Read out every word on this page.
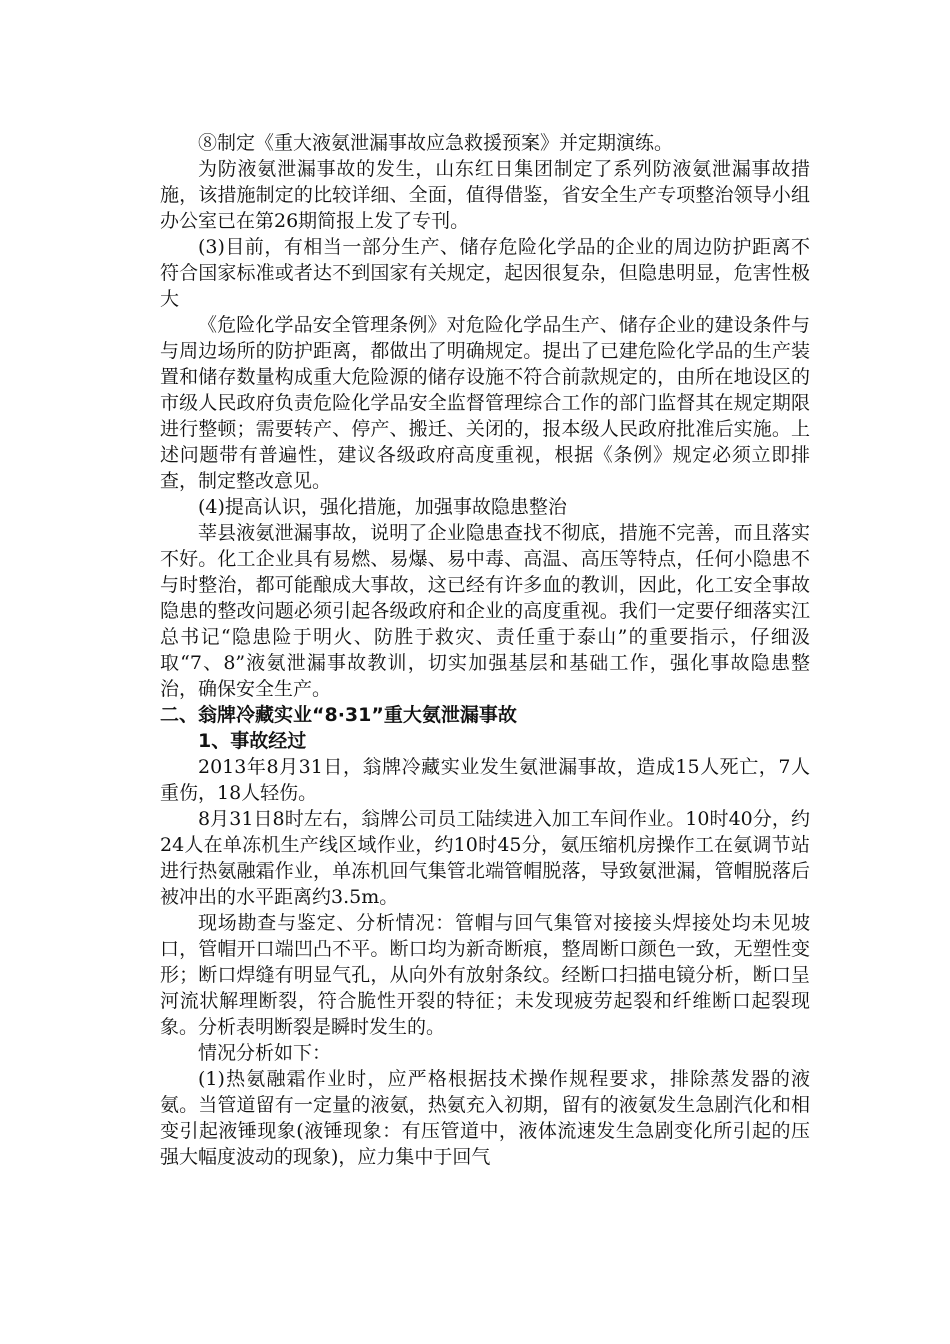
⑧制定《重大液氨泄漏事故应急救援预案》并定期演练。

为防液氨泄漏事故的发生，山东红日集团制定了系列防液氨泄漏事故措施，该措施制定的比较详细、全面，值得借鉴，省安全生产专项整治领导小组办公室已在第26期简报上发了专刊。

(3)目前，有相当一部分生产、储存危险化学品的企业的周边防护距离不符合国家标准或者达不到国家有关规定，起因很复杂，但隐患明显，危害性极大

《危险化学品安全管理条例》对危险化学品生产、储存企业的建设条件与与周边场所的防护距离，都做出了明确规定。提出了已建危险化学品的生产装置和储存数量构成重大危险源的储存设施不符合前款规定的，由所在地设区的市级人民政府负责危险化学品安全监督管理综合工作的部门监督其在规定期限进行整顿；需要转产、停产、搬迁、关闭的，报本级人民政府批准后实施。上述问题带有普遍性，建议各级政府高度重视，根据《条例》规定必须立即排查，制定整改意见。

(4)提高认识，强化措施，加强事故隐患整治

莘县液氨泄漏事故，说明了企业隐患查找不彻底，措施不完善，而且落实不好。化工企业具有易燃、易爆、易中毒、高温、高压等特点，任何小隐患不与时整治，都可能酿成大事故，这已经有许多血的教训，因此，化工安全事故隐患的整改问题必须引起各级政府和企业的高度重视。我们一定要仔细落实江总书记“隐患险于明火、防胜于救灾、责任重于泰山”的重要指示，仔细汲取“7、8”液氨泄漏事故教训，切实加强基层和基础工作，强化事故隐患整治，确保安全生产。

二、翁牌冷藏实业“8·31”重大氨泄漏事故

1、事故经过

2013年8月31日，翁牌冷藏实业发生氨泄漏事故，造成15人死亡，7人重伤，18人轻伤。

8月31日8时左右，翁牌公司员工陆续进入加工车间作业。10时40分，约24人在单冻机生产线区域作业，约10时45分，氨压缩机房操作工在氨调节站进行热氨融霜作业，单冻机回气集管北端管帽脱落，导致氨泄漏，管帽脱落后被冲出的水平距离约3.5m。

现场勘查与鉴定、分析情况：管帽与回气集管对接接头焊接处均未见坡口，管帽开口端凹凸不平。断口均为新奇断痕，整周断口颜色一致，无塑性变形；断口焊缝有明显气孔，从向外有放射条纹。经断口扫描电镜分析，断口呈河流状解理断裂，符合脆性开裂的特征；未发现疲劳起裂和纤维断口起裂现象。分析表明断裂是瞬时发生的。

情况分析如下：

(1)热氨融霜作业时，应严格根据技术操作规程要求，排除蒸发器的液氨。当管道留有一定量的液氨，热氨充入初期，留有的液氨发生急剧汽化和相变引起液锤现象(液锤现象：有压管道中，液体流速发生急剧变化所引起的压强大幅度波动的现象)，应力集中于回气
